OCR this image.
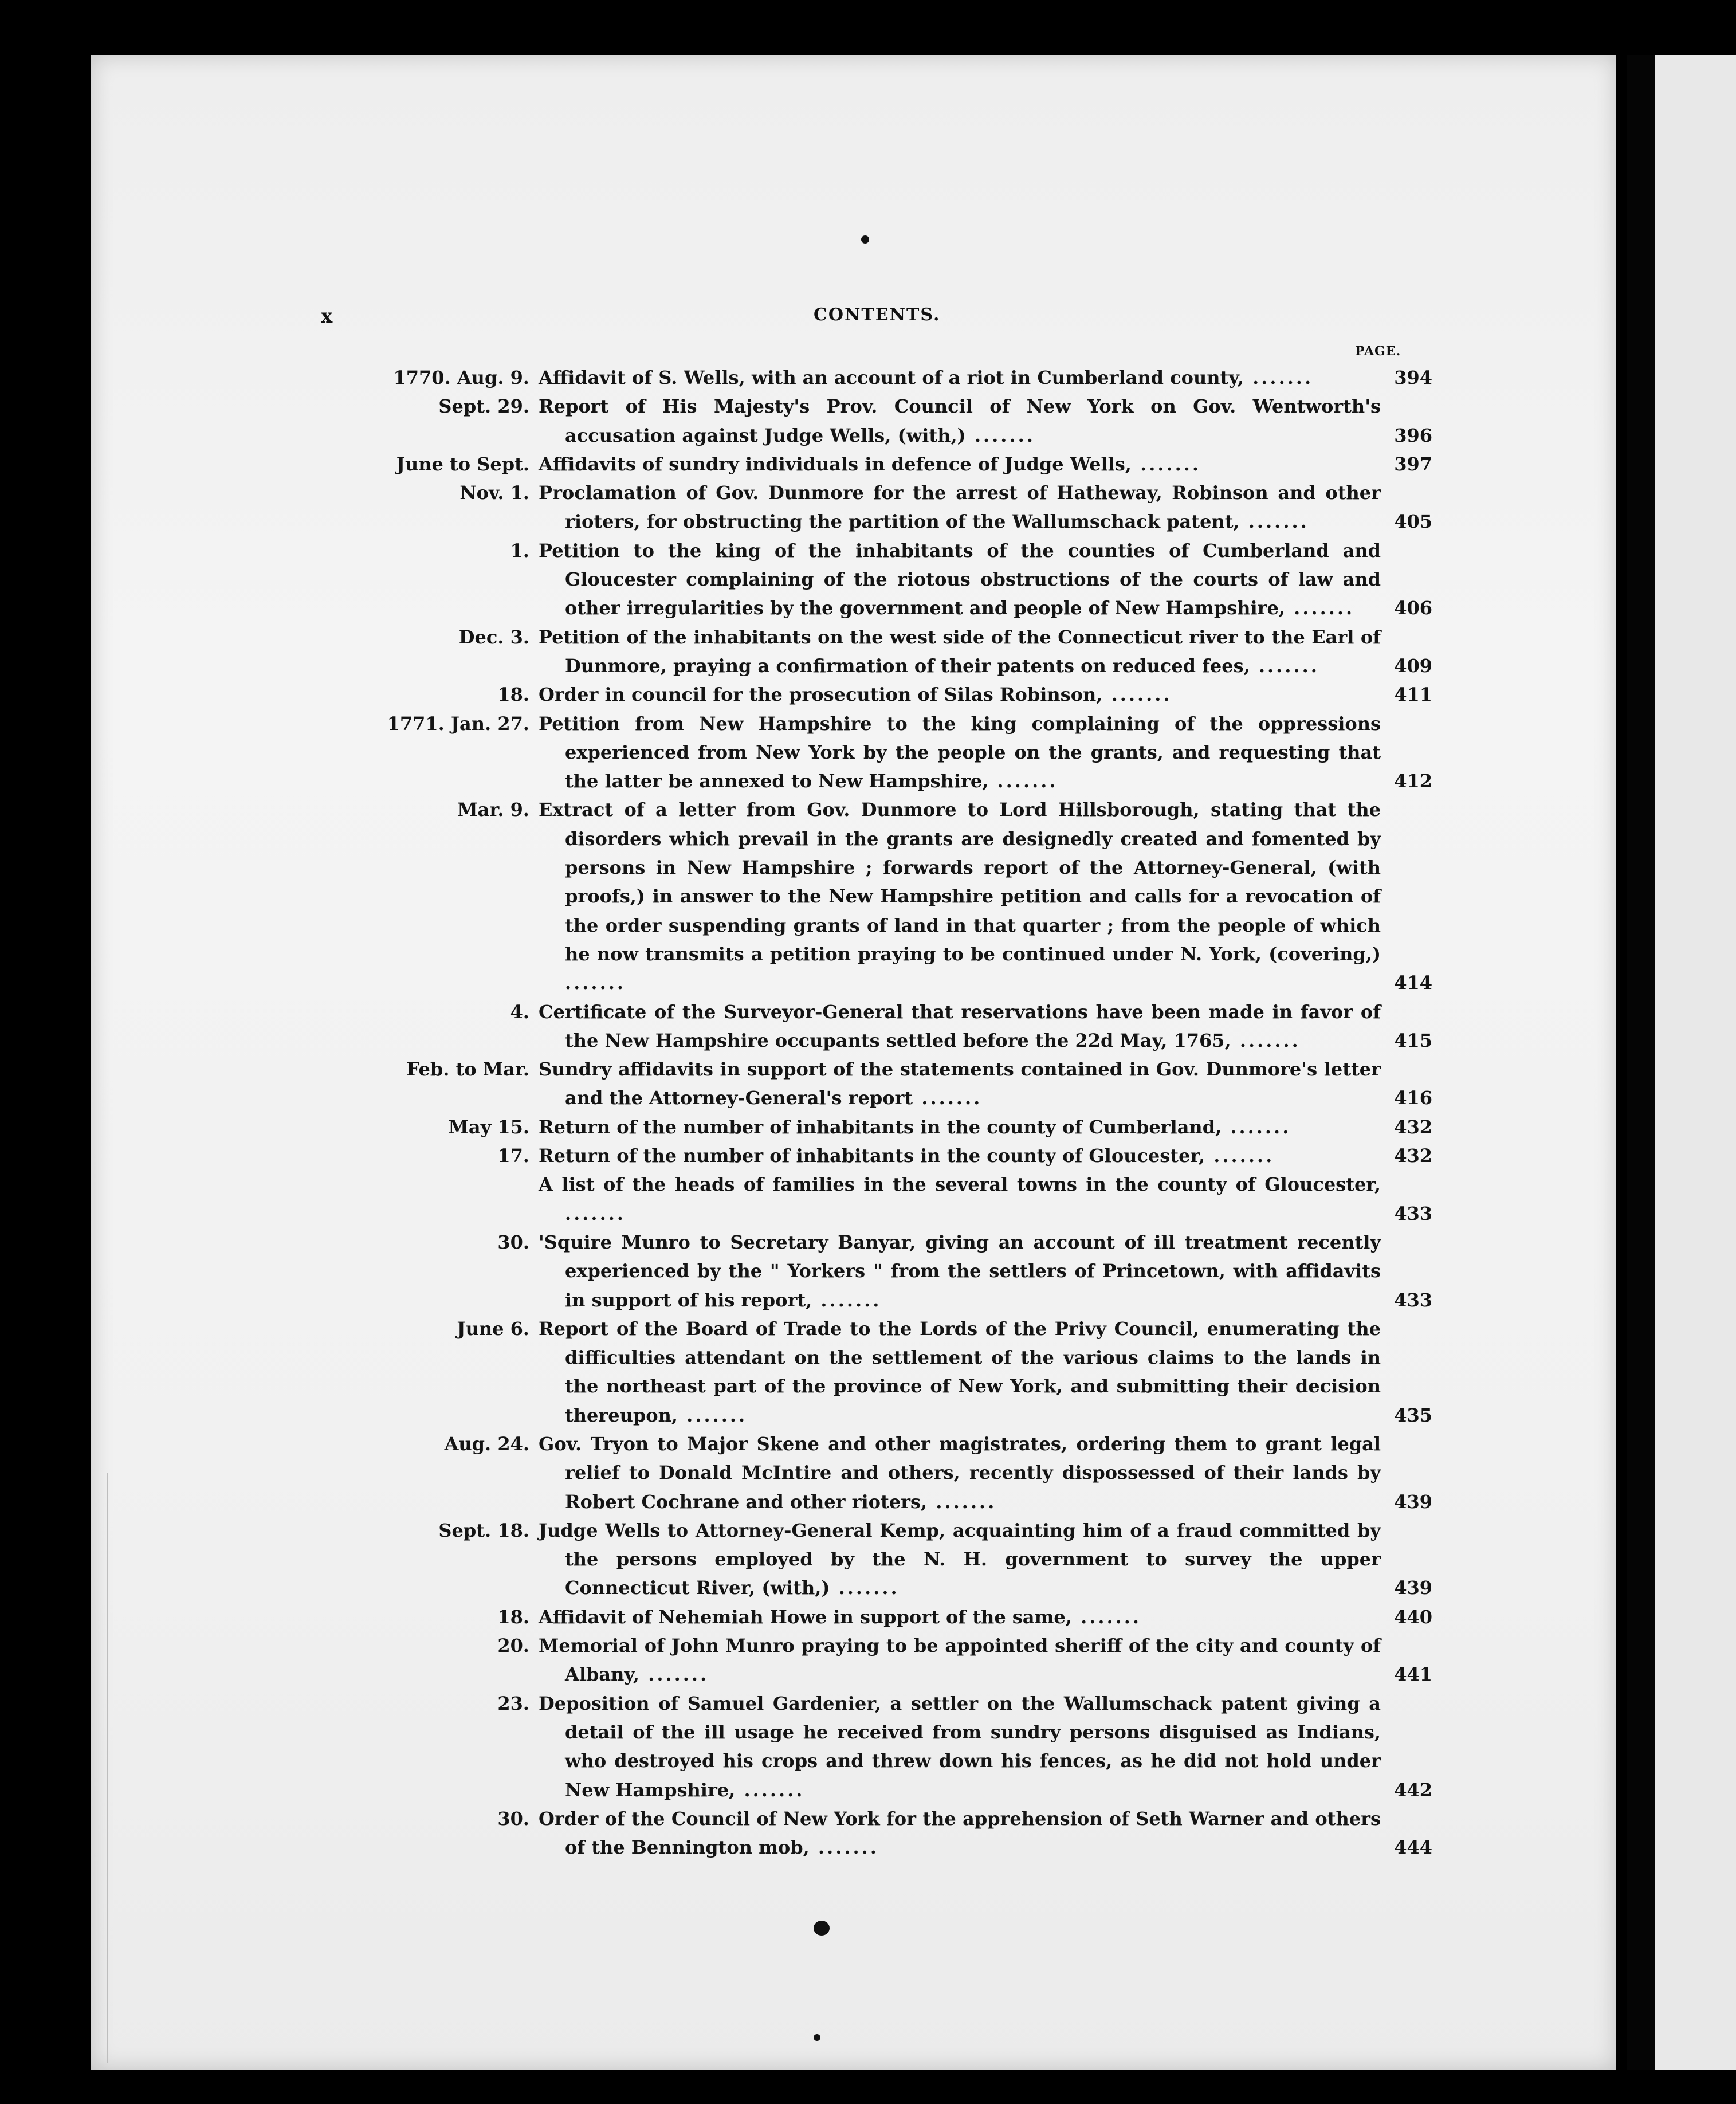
x	CONTENTS.
PAGE.
1770. Aug. 9. Affidavit of S. Wells, with an account of a riot in Cumberland county, .......	394
Sept. 29. Report of His Majesty's Prov. Council of New York on Gov. Wentworth's accusation against Judge Wells, (with,) .......	396
June to Sept. Affidavits of sundry individuals in defence of Judge Wells, .......	397
Nov. 1. Proclamation of Gov. Dunmore for the arrest of Hatheway, Robinson and other rioters, for obstructing the partition of the Wallumschack patent, .......	405
1. Petition to the king of the inhabitants of the counties of Cumberland and Gloucester complaining of the riotous obstructions of the courts of law and other irregularities by the government and people of New Hampshire, .......	406
Dec. 3. Petition of the inhabitants on the west side of the Connecticut river to the Earl of Dunmore, praying a confirmation of their patents on reduced fees, .......	409
18. Order in council for the prosecution of Silas Robinson, .......	411
1771. Jan. 27. Petition from New Hampshire to the king complaining of the oppressions experienced from New York by the people on the grants, and requesting that the latter be annexed to New Hampshire, .......	412
Mar. 9. Extract of a letter from Gov. Dunmore to Lord Hillsborough, stating that the disorders which prevail in the grants are designedly created and fomented by persons in New Hampshire ; forwards report of the Attorney-General, (with proofs,) in answer to the New Hampshire petition and calls for a revocation of the order suspending grants of land in that quarter ; from the people of which he now transmits a petition praying to be continued under N. York, (covering,) .......	414
4. Certificate of the Surveyor-General that reservations have been made in favor of the New Hampshire occupants settled before the 22d May, 1765, .......	415
Feb. to Mar. Sundry affidavits in support of the statements contained in Gov. Dunmore's letter and the Attorney-General's report .......	416
May 15. Return of the number of inhabitants in the county of Cumberland, .......	432
17. Return of the number of inhabitants in the county of Gloucester, .......	432
A list of the heads of families in the several towns in the county of Gloucester, .......	433
30. 'Squire Munro to Secretary Banyar, giving an account of ill treatment recently experienced by the " Yorkers " from the settlers of Princetown, with affidavits in support of his report, .......	433
June 6. Report of the Board of Trade to the Lords of the Privy Council, enumerating the difficulties attendant on the settlement of the various claims to the lands in the northeast part of the province of New York, and submitting their decision thereupon, .......	435
Aug. 24. Gov. Tryon to Major Skene and other magistrates, ordering them to grant legal relief to Donald McIntire and others, recently dispossessed of their lands by Robert Cochrane and other rioters, .......	439
Sept. 18. Judge Wells to Attorney-General Kemp, acquainting him of a fraud committed by the persons employed by the N. H. government to survey the upper Connecticut River, (with,) .......	439
18. Affidavit of Nehemiah Howe in support of the same, .......	440
20. Memorial of John Munro praying to be appointed sheriff of the city and county of Albany, .......	441
23. Deposition of Samuel Gardenier, a settler on the Wallumschack patent giving a detail of the ill usage he received from sundry persons disguised as Indians, who destroyed his crops and threw down his fences, as he did not hold under New Hampshire, .......	442
30. Order of the Council of New York for the apprehension of Seth Warner and others of the Bennington mob, .......	444
